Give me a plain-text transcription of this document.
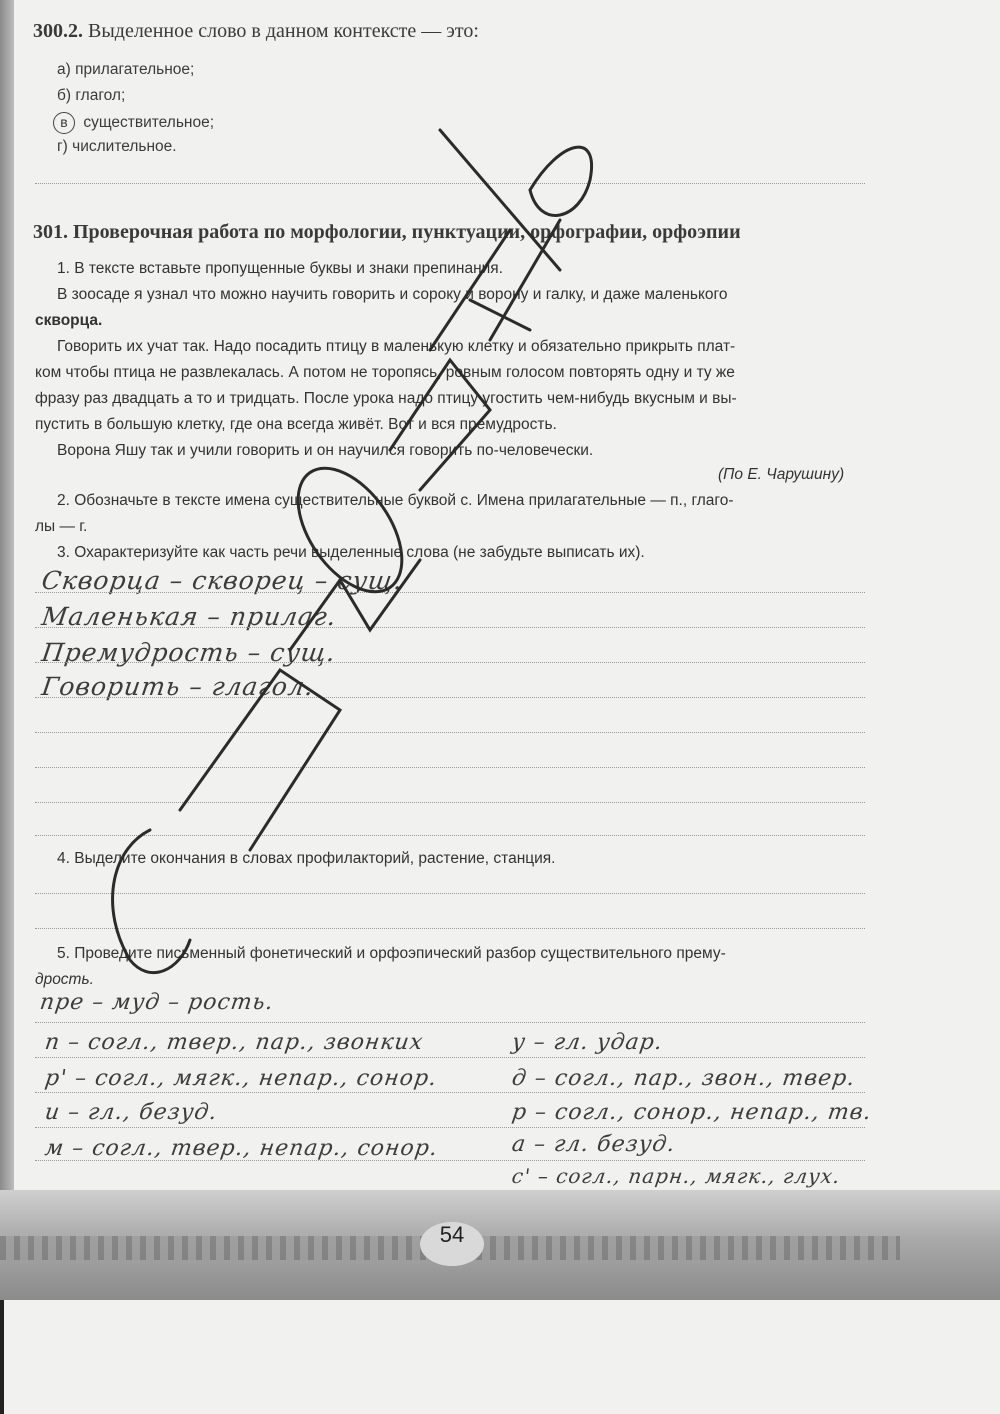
300.2. Выделенное слово в данном контексте — это:
а) прилагательное;
б) глагол;
в существительное;
г) числительное.
301. Проверочная работа по морфологии, пунктуации, орфографии, орфоэпии
1. В тексте вставьте пропущенные буквы и знаки препинания.
В зоосаде я узнал что можно научить говорить и сороку и ворону и галку, и даже маленького
скворца.
Говорить их учат так. Надо посадить птицу в маленькую клетку и обязательно прикрыть плат-
ком чтобы птица не развлекалась. А потом не торопясь, ровным голосом повторять одну и ту же
фразу раз двадцать а то и тридцать. После урока надо птицу угостить чем-нибудь вкусным и вы-
пустить в большую клетку, где она всегда живёт. Вот и вся премудрость.
Ворона Яшу так и учили говорить и он научился говорить по-человечески.
(По Е. Чарушину)
2. Обозначьте в тексте имена существительные буквой с. Имена прилагательные — п., глаго-
лы — г.
3. Охарактеризуйте как часть речи выделенные слова (не забудьте выписать их).
Скворца – скворец – сущ.
Маленькая – прилаг.
Премудрость – сущ.
Говорить – глагол.
4. Выделите окончания в словах профилакторий, растение, станция.
5. Проведите письменный фонетический и орфоэпический разбор существительного прему-
дрость.
пре – муд – рость.
п – согл., твер., пар., звонких
р' – согл., мягк., непар., сонор.
и – гл., безуд.
м – согл., твер., непар., сонор.
у – гл. удар.
д – согл., пар., звон., твер.
р – согл., сонор., непар., тв.
а – гл. безуд.
с' – согл., парн., мягк., глух.
54
